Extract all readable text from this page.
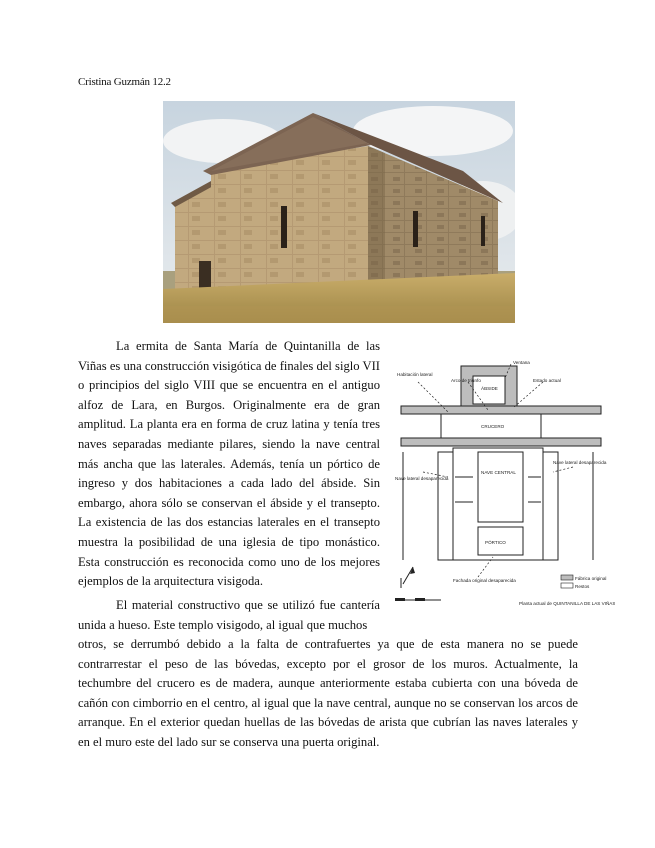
Cristina Guzmán 12.2

La ermita de Santa María de Quintanilla de las Viñas es una construcción visigótica de finales del siglo VII o principios del siglo VIII que se encuentra en el antiguo alfoz de Lara, en Burgos. Originalmente era de gran amplitud. La planta era en forma de cruz latina y tenía tres naves separadas mediante pilares, siendo la nave central más ancha que las laterales. Además, tenía un pórtico de ingreso y dos habitaciones a cada lado del ábside. Sin embargo, ahora sólo se conservan el ábside y el transepto. La existencia de las dos estancias laterales en el transepto muestra la posibilidad de una iglesia de tipo monástico. Esta construcción es reconocida como uno de los mejores ejemplos de la arquitectura visigoda.

Habitación lateral
Arco de triunfo	Estado actual
Ventana
ÁBSIDE
CRUCERO
NAVE CENTRAL
PÓRTICO
Nave lateral desaparecida
Nave lateral desaparecida
Fachada original desaparecida	Fábrica original
Restos
Planta actual de QUINTANILLA DE LAS VIÑAS

El material constructivo que se utilizó fue cantería unida a hueso. Este templo visigodo, al igual que muchos

otros, se derrumbó debido a la falta de contrafuertes ya que de esta manera no se puede contrarrestar el peso de las bóvedas, excepto por el grosor de los muros. Actualmente, la techumbre del crucero es de madera, aunque anteriormente estaba cubierta con una bóveda de cañón con cimborrio en el centro, al igual que la nave central, aunque no se conservan los arcos de arranque. En el exterior quedan huellas de las bóvedas de arista que cubrían las naves laterales y en el muro este del lado sur se conserva una puerta original.
